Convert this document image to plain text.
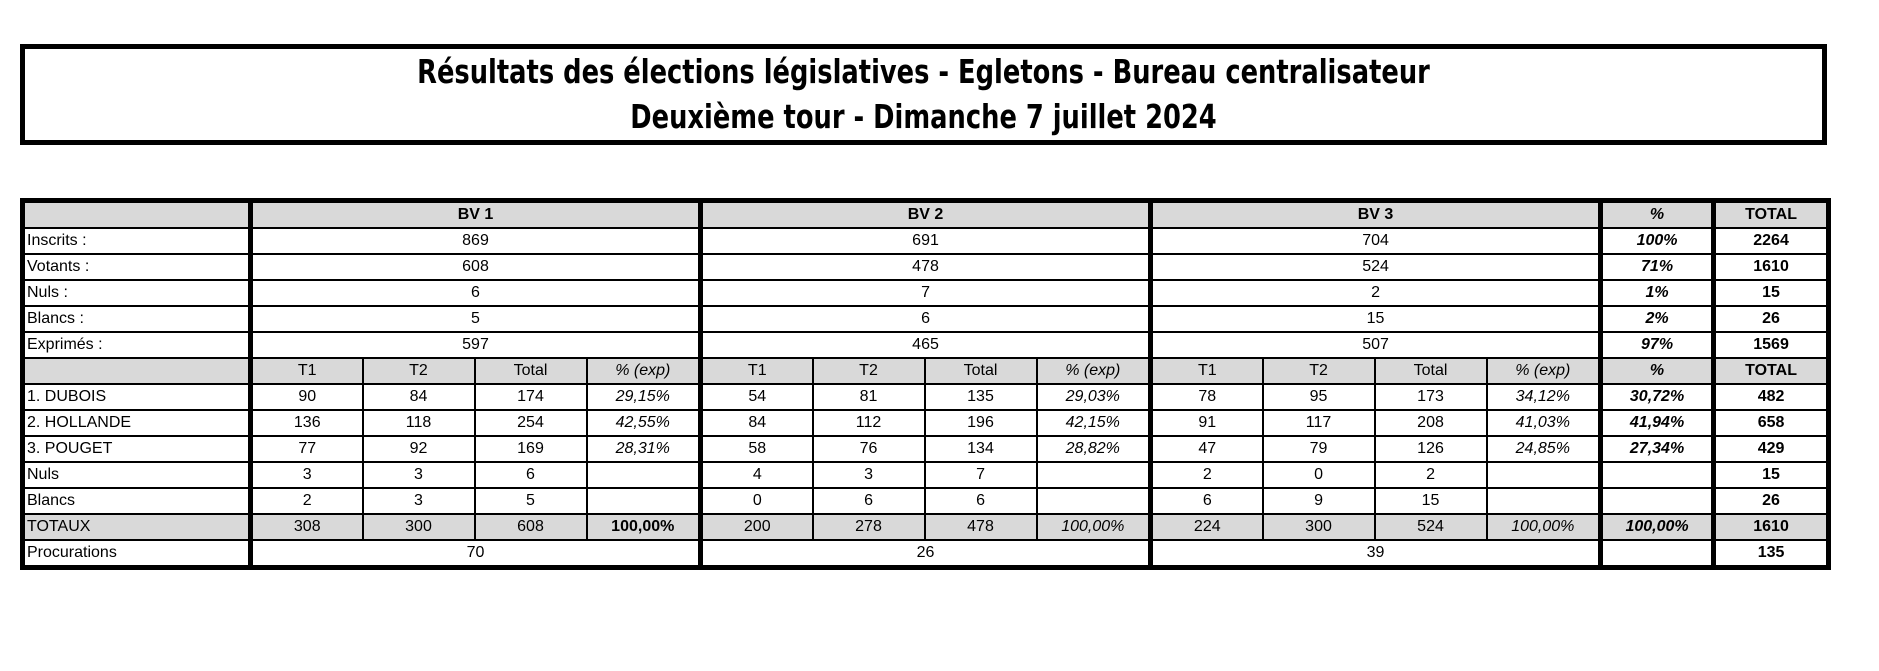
Résultats des élections législatives - Egletons - Bureau centralisateur
Deuxième tour - Dimanche 7 juillet 2024
	BV 1				BV 2				BV 3				%	TOTAL
Inscrits :	869				691				704				100%	2264
Votants :	608				478				524				71%	1610
Nuls :	6				7				2				1%	15
Blancs :	5				6				15				2%	26
Exprimés :	597				465				507				97%	1569
	T1	T2	Total	% (exp)	T1	T2	Total	% (exp)	T1	T2	Total	% (exp)	%	TOTAL
1. DUBOIS	90	84	174	29,15%	54	81	135	29,03%	78	95	173	34,12%	30,72%	482
2. HOLLANDE	136	118	254	42,55%	84	112	196	42,15%	91	117	208	41,03%	41,94%	658
3. POUGET	77	92	169	28,31%	58	76	134	28,82%	47	79	126	24,85%	27,34%	429
Nuls	3	3	6		4	3	7		2	0	2			15
Blancs	2	3	5		0	6	6		6	9	15			26
TOTAUX	308	300	608	100,00%	200	278	478	100,00%	224	300	524	100,00%	100,00%	1610
Procurations	70				26				39					135
